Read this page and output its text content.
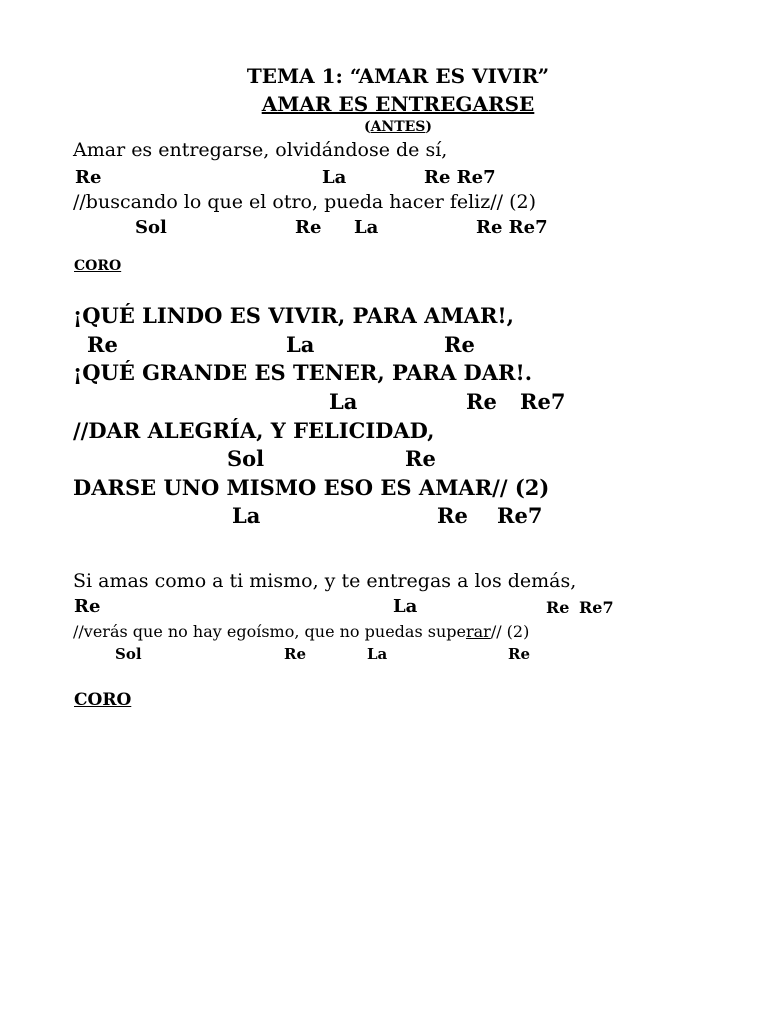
TEMA 1: “AMAR ES VIVIR”
AMAR ES ENTREGARSE
(ANTES)
Amar es entregarse, olvidándose de sí,
Re	La	Re Re7
//buscando lo que el otro, pueda hacer feliz// (2)
Sol	Re La	Re Re7
CORO
¡QUÉ LINDO ES VIVIR, PARA AMAR!,
Re	La	Re
¡QUÉ GRANDE ES TENER, PARA DAR!.
La	Re Re7
//DAR ALEGRÍA, Y FELICIDAD,
Sol	Re
DARSE UNO MISMO ESO ES AMAR// (2)
La	Re Re7
Si amas como a ti mismo, y te entregas a los demás,
Re	La	Re Re7
//verás que no hay egoísmo, que no puedas superar// (2)
Sol	Re	La	Re
CORO
